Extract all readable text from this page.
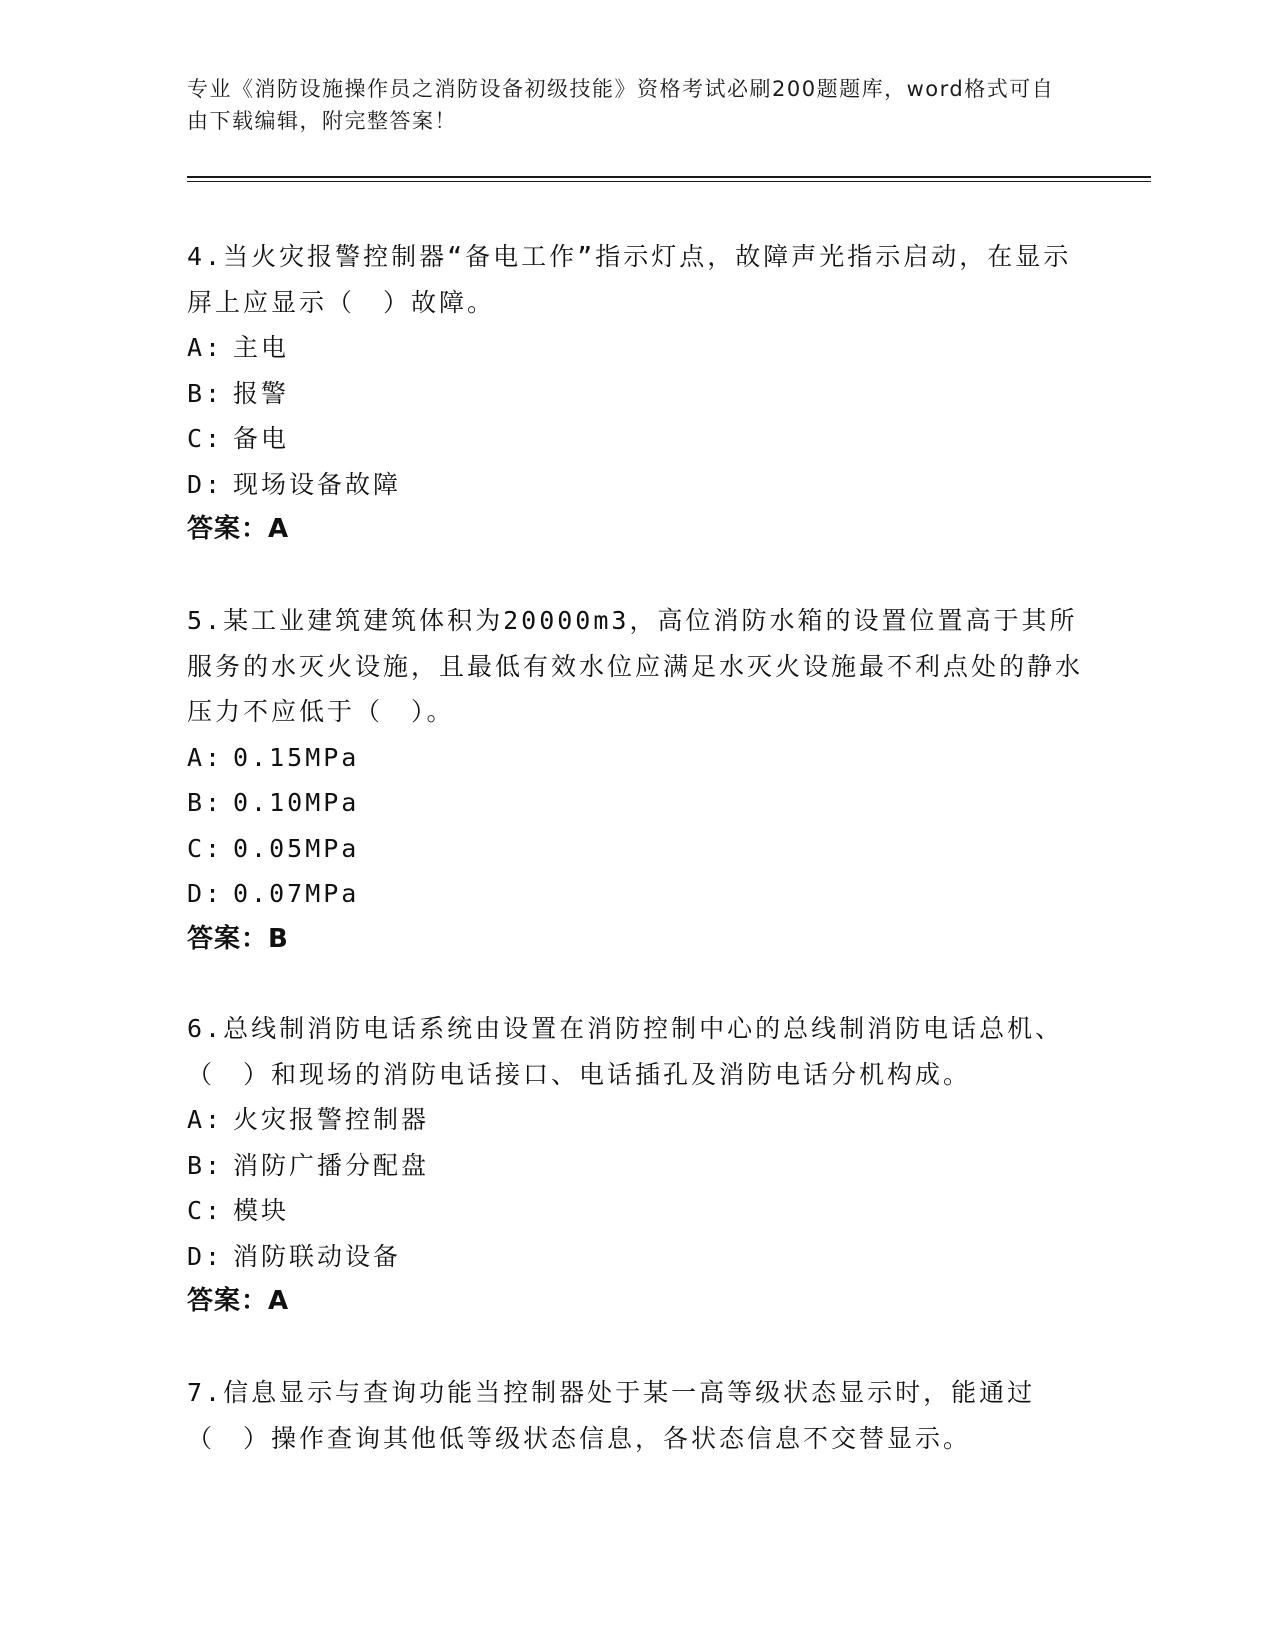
专业《消防设施操作员之消防设备初级技能》资格考试必刷200题题库，word格式可自由下载编辑，附完整答案！

4.当火灾报警控制器“备电工作”指示灯点，故障声光指示启动，在显示屏上应显示（　）故障。

A: 主电

B: 报警

C: 备电

D: 现场设备故障

答案：A

5.某工业建筑建筑体积为20000m3，高位消防水箱的设置位置高于其所服务的水灭火设施，且最低有效水位应满足水灭火设施最不利点处的静水压力不应低于（　）。

A: 0.15MPa

B: 0.10MPa

C: 0.05MPa

D: 0.07MPa

答案：B

6.总线制消防电话系统由设置在消防控制中心的总线制消防电话总机、（　）和现场的消防电话接口、电话插孔及消防电话分机构成。

A: 火灾报警控制器

B: 消防广播分配盘

C: 模块

D: 消防联动设备

答案：A

7.信息显示与查询功能当控制器处于某一高等级状态显示时，能通过（　）操作查询其他低等级状态信息，各状态信息不交替显示。
